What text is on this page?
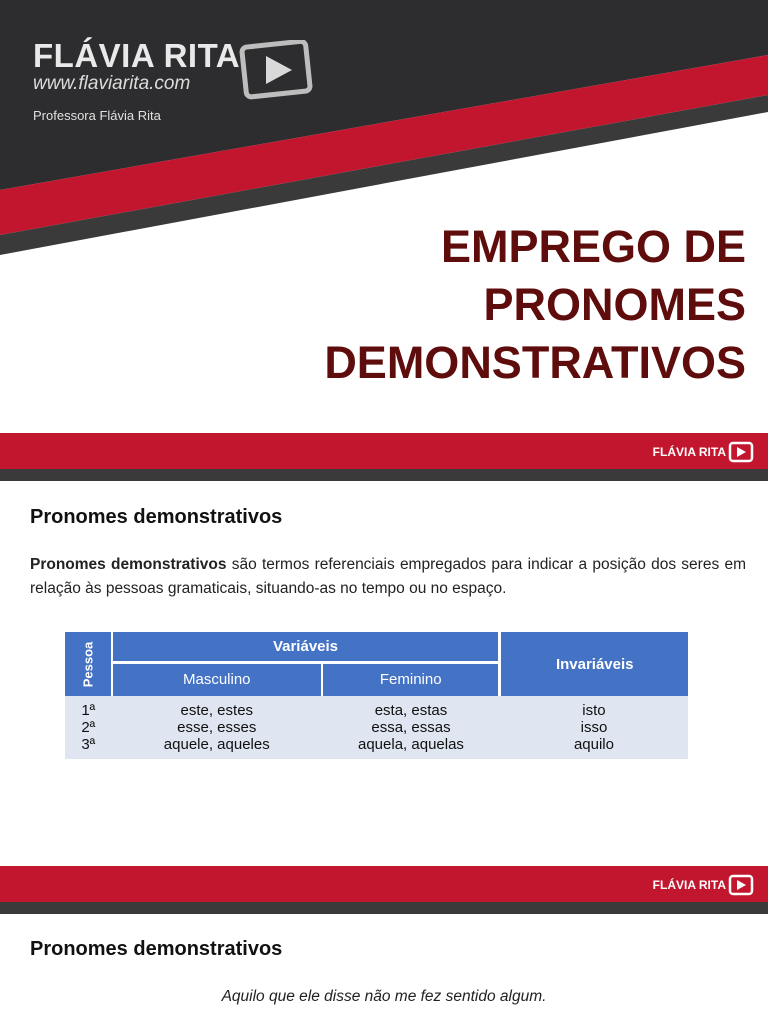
FLÁVIA RITA
www.flaviarita.com
Professora Flávia Rita
EMPREGO DE
PRONOMES
DEMONSTRATIVOS
FLÁVIA RITA
Pronomes demonstrativos
Pronomes demonstrativos são termos referenciais empregados para indicar a posição dos seres em relação às pessoas gramaticais, situando-as no tempo ou no espaço.
Pessoa	Variáveis		Invariáveis
	Masculino	Feminino	
1ª	este, estes	esta, estas	isto
2ª	esse, esses	essa, essas	isso
3ª	aquele, aqueles	aquela, aquelas	aquilo
FLÁVIA RITA
Pronomes demonstrativos
Aquilo que ele disse não me fez sentido algum.
